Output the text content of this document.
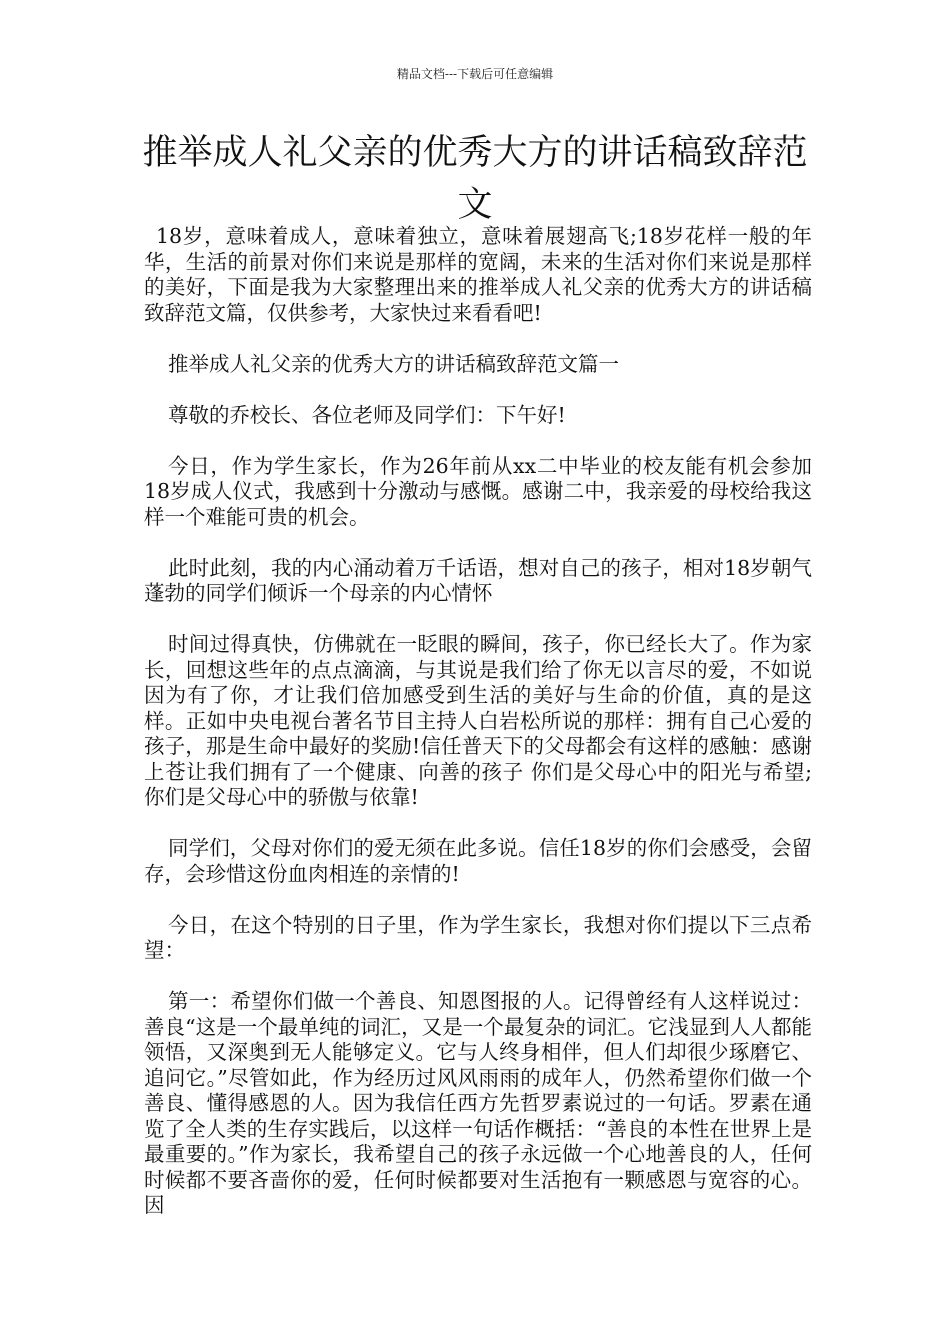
精品文档---下载后可任意编辑
推举成人礼父亲的优秀大方的讲话稿致辞范文

18岁，意味着成人，意味着独立，意味着展翅高飞;18岁花样一般的年华，生活的前景对你们来说是那样的宽阔，未来的生活对你们来说是那样的美好，下面是我为大家整理出来的推举成人礼父亲的优秀大方的讲话稿致辞范文篇，仅供参考，大家快过来看看吧!

推举成人礼父亲的优秀大方的讲话稿致辞范文篇一

尊敬的乔校长、各位老师及同学们：下午好!

今日，作为学生家长，作为26年前从xx二中毕业的校友能有机会参加18岁成人仪式，我感到十分激动与感慨。感谢二中，我亲爱的母校给我这样一个难能可贵的机会。

此时此刻，我的内心涌动着万千话语，想对自己的孩子，相对18岁朝气蓬勃的同学们倾诉一个母亲的内心情怀

时间过得真快，仿佛就在一眨眼的瞬间，孩子，你已经长大了。作为家长，回想这些年的点点滴滴，与其说是我们给了你无以言尽的爱，不如说因为有了你，才让我们倍加感受到生活的美好与生命的价值，真的是这样。正如中央电视台著名节目主持人白岩松所说的那样：拥有自己心爱的孩子，那是生命中最好的奖励!信任普天下的父母都会有这样的感触：感谢上苍让我们拥有了一个健康、向善的孩子 你们是父母心中的阳光与希望;你们是父母心中的骄傲与依靠!

同学们，父母对你们的爱无须在此多说。信任18岁的你们会感受，会留存，会珍惜这份血肉相连的亲情的!

今日，在这个特别的日子里，作为学生家长，我想对你们提以下三点希望：

第一：希望你们做一个善良、知恩图报的人。记得曾经有人这样说过：善良“这是一个最单纯的词汇，又是一个最复杂的词汇。它浅显到人人都能领悟，又深奥到无人能够定义。它与人终身相伴，但人们却很少琢磨它、追问它。”尽管如此，作为经历过风风雨雨的成年人，仍然希望你们做一个善良、懂得感恩的人。因为我信任西方先哲罗素说过的一句话。罗素在通览了全人类的生存实践后，以这样一句话作概括：“善良的本性在世界上是最重要的。”作为家长，我希望自己的孩子永远做一个心地善良的人，任何时候都不要吝啬你的爱，任何时候都要对生活抱有一颗感恩与宽容的心。因
